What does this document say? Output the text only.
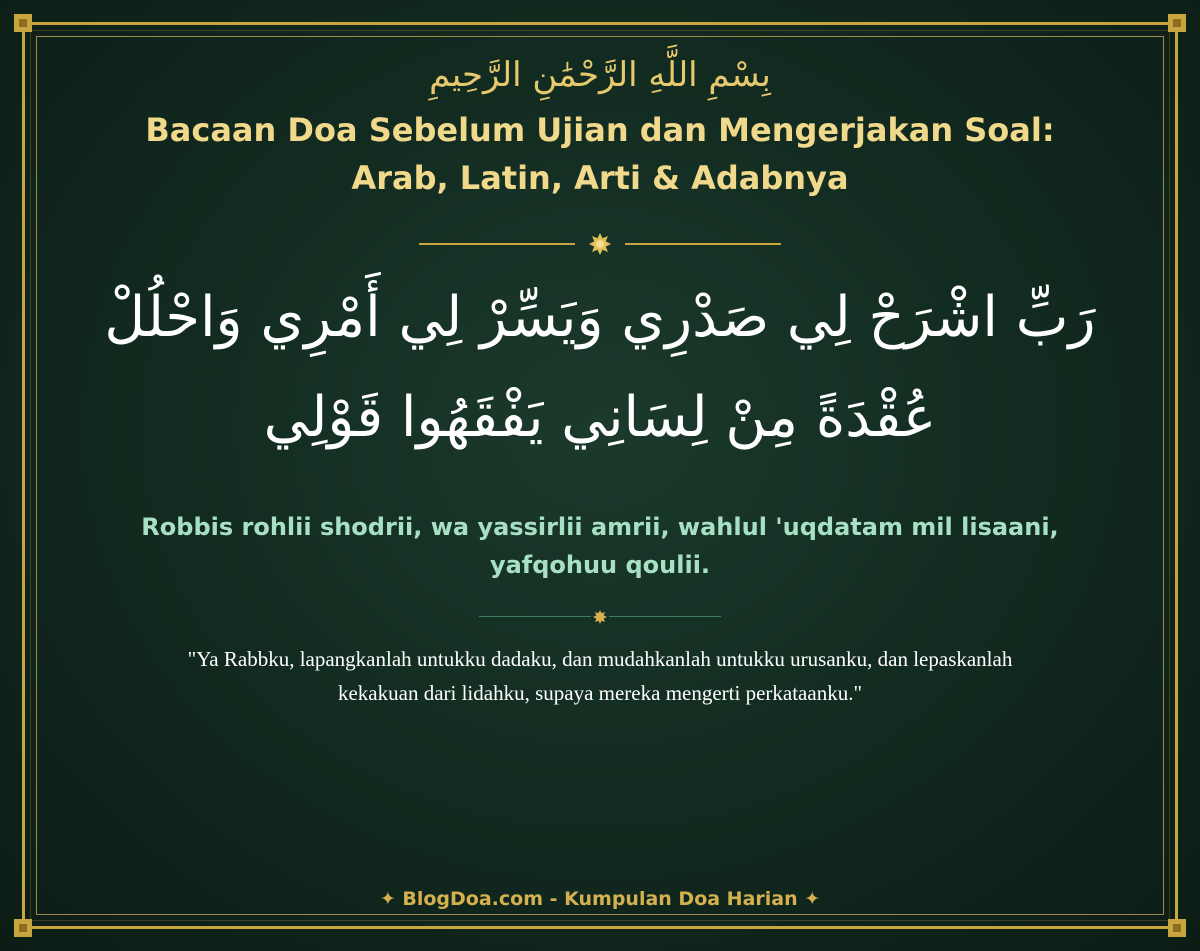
بِسْمِ اللَّهِ الرَّحْمَٰنِ الرَّحِيمِ

Bacaan Doa Sebelum Ujian dan Mengerjakan Soal:
Arab, Latin, Arti & Adabnya
رَبِّ اشْرَحْ لِي صَدْرِي وَيَسِّرْ لِي أَمْرِي وَاحْلُلْ
عُقْدَةً مِنْ لِسَانِي يَفْقَهُوا قَوْلِي
Robbis rohlii shodrii, wa yassirlii amrii, wahlul 'uqdatam mil lisaani,
yafqohuu qoulii.
"Ya Rabbku, lapangkanlah untukku dadaku, dan mudahkanlah untukku urusanku, dan lepaskanlah
kekakuan dari lidahku, supaya mereka mengerti perkataanku."
✦ BlogDoa.com - Kumpulan Doa Harian ✦
